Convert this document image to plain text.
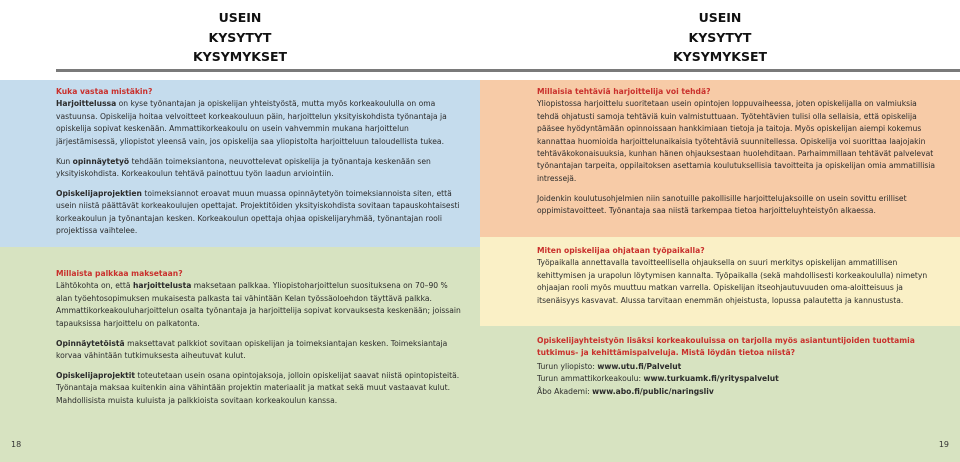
USEIN
KYSYTYT
KYSYMYKSET

Kuka vastaa mistäkin?
Harjoittelussa on kyse työnantajan ja opiskelijan yhteistyöstä, mutta myös korkeakoululla on oma vastuunsa. Opiskelija hoitaa velvoitteet korkeakouluun päin, harjoittelun yksityiskohdista työnantaja ja opiskelija sopivat keskenään. Ammattikorkeakoulu on usein vahvemmin mukana harjoittelun järjestämisessä, yliopistot yleensä vain, jos opiskelija saa yliopistolta harjoitteluun taloudellista tukea.

Kun opinnäytetyö tehdään toimeksiantona, neuvottelevat opiskelija ja työnantaja keskenään sen yksityiskohdista. Korkeakoulun tehtävä painottuu työn laadun arviointiin.

Opiskelijaprojektien toimeksiannot eroavat muun muassa opinnäytetyön toimeksiannoista siten, että usein niistä päättävät korkeakoulujen opettajat. Projektitöiden yksityiskohdista sovitaan tapauskohtaisesti korkeakoulun ja työnantajan kesken. Korkeakoulun opettaja ohjaa opiskelijaryhmää, työnantajan rooli projektissa vaihtelee.

Millaista palkkaa maksetaan?
Lähtökohta on, että harjoittelusta maksetaan palkkaa. Yliopistoharjoittelun suosituksena on 70–90 % alan työehtosopimuksen mukaisesta palkasta tai vähintään Kelan työssäoloehdon täyttävä palkka. Ammattikorkeakouluharjoittelun osalta työnantaja ja harjoittelija sopivat korvauksesta keskenään; joissain tapauksissa harjoittelu on palkatonta.

Opinnäytetöistä maksettavat palkkiot sovitaan opiskelijan ja toimeksiantajan kesken. Toimeksiantaja korvaa vähintään tutkimuksesta aiheutuvat kulut.

Opiskelijaprojektit toteutetaan usein osana opintojaksoja, jolloin opiskelijat saavat niistä opintopisteitä. Työnantaja maksaa kuitenkin aina vähintään projektin materiaalit ja matkat sekä muut vastaavat kulut. Mahdollisista muista kuluista ja palkkioista sovitaan korkeakoulun kanssa.

18
USEIN
KYSYTYT
KYSYMYKSET

Millaisia tehtäviä harjoittelija voi tehdä?
Yliopistossa harjoittelu suoritetaan usein opintojen loppuvaiheessa, joten opiskelijalla on valmiuksia tehdä ohjatusti samoja tehtäviä kuin valmistuttuaan. Työtehtävien tulisi olla sellaisia, että opiskelija pääsee hyödyntämään opinnoissaan hankkimiaan tietoja ja taitoja. Myös opiskelijan aiempi kokemus kannattaa huomioida harjoittelunaikaisia työtehtäviä suunnitellessa. Opiskelija voi suorittaa laajojakin tehtäväkokonaisuuksia, kunhan hänen ohjauksestaan huolehditaan. Parhaimmillaan tehtävät palvelevat työnantajan tarpeita, oppilaitoksen asettamia koulutuksellisia tavoitteita ja opiskelijan omia ammatillisia intressejä.

Joidenkin koulutusohjelmien niin sanotuille pakollisille harjoittelujaksoille on usein sovittu erilliset oppimistavoitteet. Työnantaja saa niistä tarkempaa tietoa harjoitteluyhteistyön alkaessa.

Miten opiskelijaa ohjataan työpaikalla?
Työpaikalla annettavalla tavoitteellisella ohjauksella on suuri merkitys opiskelijan ammatillisen kehittymisen ja urapolun löytymisen kannalta. Työpaikalla (sekä mahdollisesti korkeakoululla) nimetyn ohjaajan rooli myös muuttuu matkan varrella. Opiskelijan itseohjautuvuuden oma-aloitteisuus ja itsenäisyys kasvavat. Alussa tarvitaan enemmän ohjeistusta, lopussa palautetta ja kannustusta.

Opiskelijayhteistyön lisäksi korkeakouluissa on tarjolla myös asiantuntijoiden tuottamia tutkimus- ja kehittämispalveluja. Mistä löydän tietoa niistä?

Turun yliopisto: www.utu.fi/Palvelut
Turun ammattikorkeakoulu: www.turkuamk.fi/yrityspalvelut
Åbo Akademi: www.abo.fi/public/naringsliv
19
